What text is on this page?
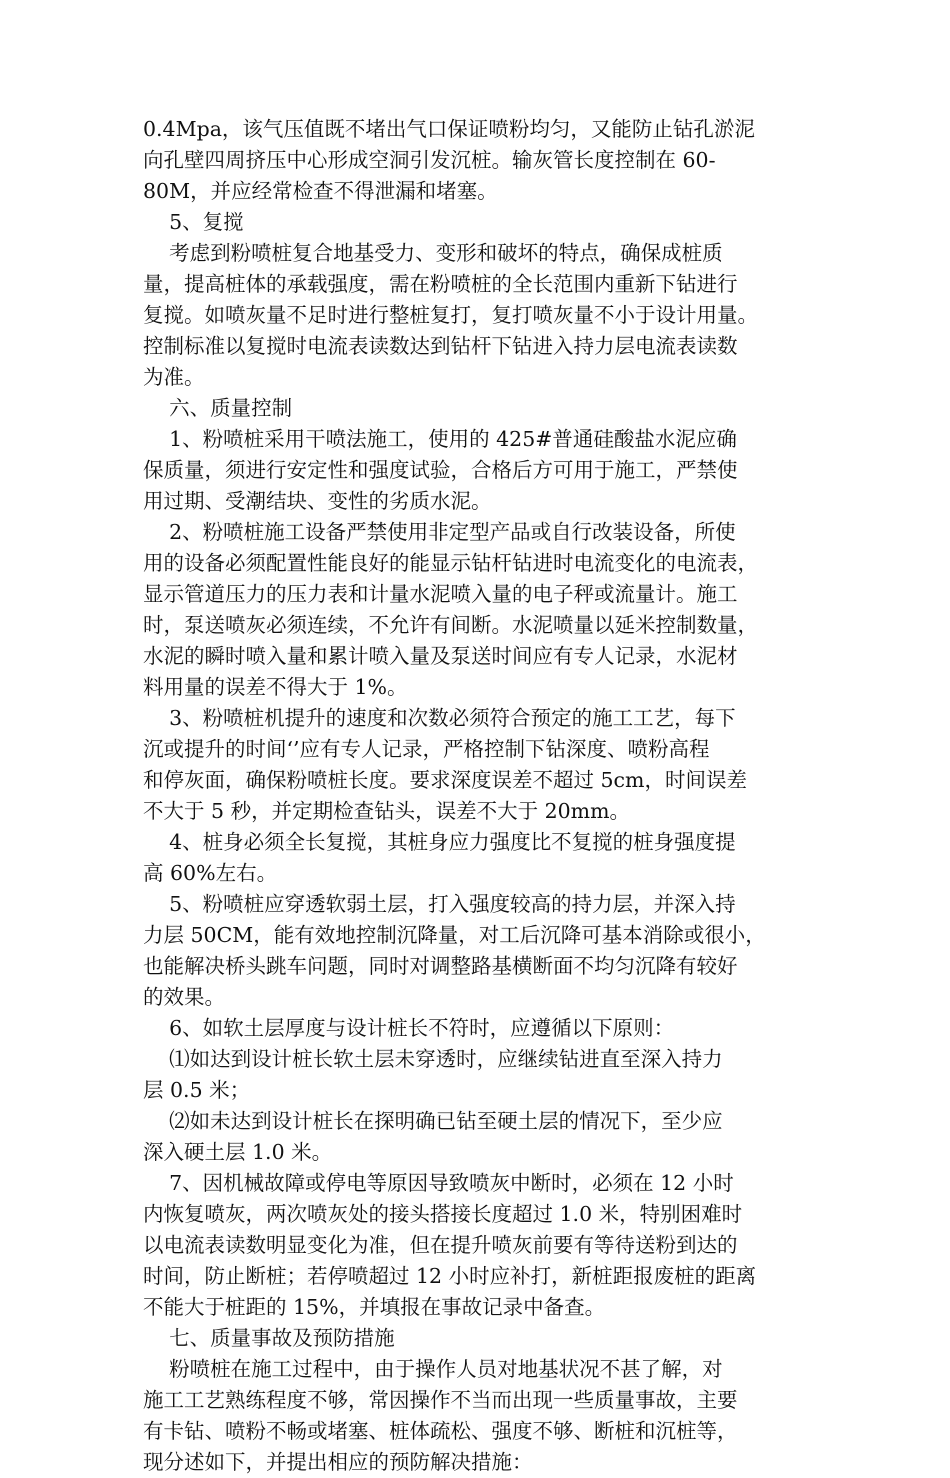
0.4Mpa，该气压值既不堵出气口保证喷粉均匀，又能防止钻孔淤泥
向孔壁四周挤压中心形成空洞引发沉桩。输灰管长度控制在 60-
80M，并应经常检查不得泄漏和堵塞。
5、复搅
考虑到粉喷桩复合地基受力、变形和破坏的特点，确保成桩质
量，提高桩体的承载强度，需在粉喷桩的全长范围内重新下钻进行
复搅。如喷灰量不足时进行整桩复打，复打喷灰量不小于设计用量。
控制标准以复搅时电流表读数达到钻杆下钻进入持力层电流表读数
为准。
六、质量控制
1、粉喷桩采用干喷法施工，使用的 425#普通硅酸盐水泥应确
保质量，须进行安定性和强度试验，合格后方可用于施工，严禁使
用过期、受潮结块、变性的劣质水泥。
2、粉喷桩施工设备严禁使用非定型产品或自行改装设备，所使
用的设备必须配置性能良好的能显示钻杆钻进时电流变化的电流表，
显示管道压力的压力表和计量水泥喷入量的电子秤或流量计。施工
时，泵送喷灰必须连续，不允许有间断。水泥喷量以延米控制数量，
水泥的瞬时喷入量和累计喷入量及泵送时间应有专人记录，水泥材
料用量的误差不得大于 1%。
3、粉喷桩机提升的速度和次数必须符合预定的施工工艺，每下
沉或提升的时间‘’应有专人记录，严格控制下钻深度、喷粉高程
和停灰面，确保粉喷桩长度。要求深度误差不超过 5cm，时间误差
不大于 5 秒，并定期检查钻头，误差不大于 20mm。
4、桩身必须全长复搅，其桩身应力强度比不复搅的桩身强度提
高 60%左右。
5、粉喷桩应穿透软弱土层，打入强度较高的持力层，并深入持
力层 50CM，能有效地控制沉降量，对工后沉降可基本消除或很小，
也能解决桥头跳车问题，同时对调整路基横断面不均匀沉降有较好
的效果。
6、如软土层厚度与设计桩长不符时，应遵循以下原则：
⑴如达到设计桩长软土层未穿透时，应继续钻进直至深入持力
层 0.5 米；
⑵如未达到设计桩长在探明确已钻至硬土层的情况下，至少应
深入硬土层 1.0 米。
7、因机械故障或停电等原因导致喷灰中断时，必须在 12 小时
内恢复喷灰，两次喷灰处的接头搭接长度超过 1.0 米，特别困难时
以电流表读数明显变化为准，但在提升喷灰前要有等待送粉到达的
时间，防止断桩；若停喷超过 12 小时应补打，新桩距报废桩的距离
不能大于桩距的 15%，并填报在事故记录中备查。
七、质量事故及预防措施
粉喷桩在施工过程中，由于操作人员对地基状况不甚了解，对
施工工艺熟练程度不够，常因操作不当而出现一些质量事故，主要
有卡钻、喷粉不畅或堵塞、桩体疏松、强度不够、断桩和沉桩等，
现分述如下，并提出相应的预防解决措施：
